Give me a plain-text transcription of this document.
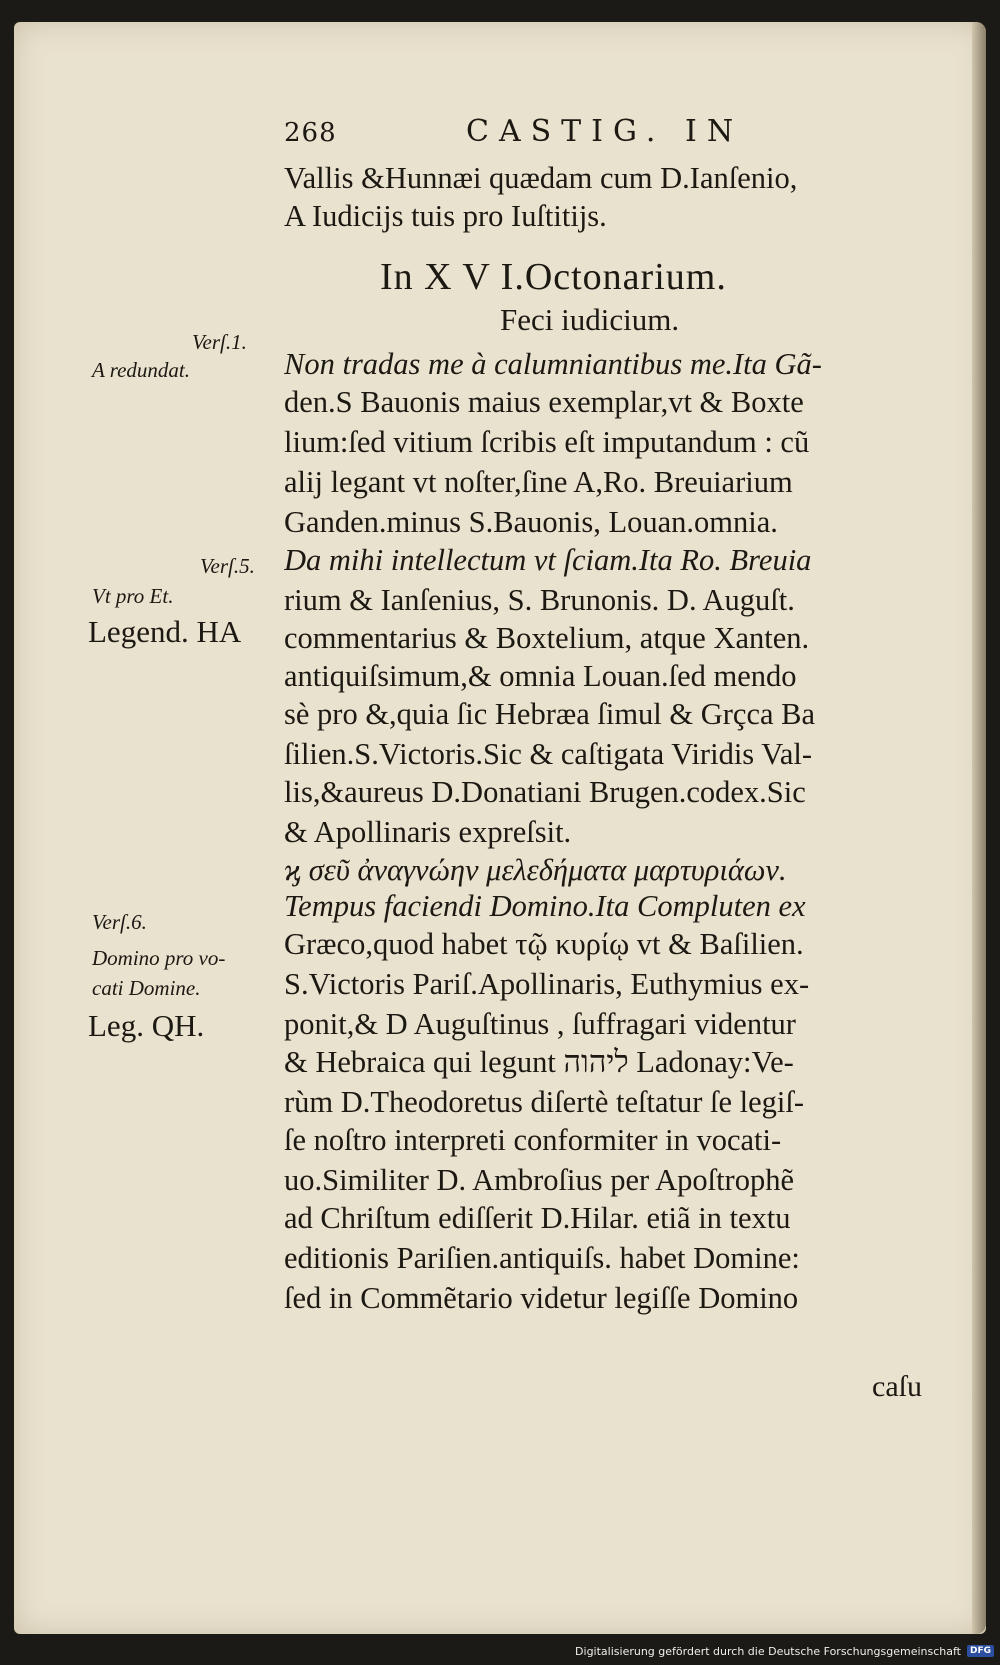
268	CASTIG. IN
Vallis &Hunnæi quædam cum D.Ianſenio,
A Iudicijs tuis pro Iuſtitijs.
In X V I.Octonarium.
Feci iudicium.
Non tradas me à calumniantibus me.Ita Gã-
den.S Bauonis maius exemplar,vt & Boxte
lium:ſed vitium ſcribis eſt imputandum : cũ
alij legant vt noſter,ſine A,Ro. Breuiarium
Ganden.minus S.Bauonis, Louan.omnia.
Da mihi intellectum vt ſciam.Ita Ro. Breuia
rium & Ianſenius, S. Brunonis. D. Auguſt.
commentarius & Boxtelium, atque Xanten.
antiquiſsimum,& omnia Louan.ſed mendo
sè pro &,quia ſic Hebræa ſimul & Grçca Ba
ſilien.S.Victoris.Sic & caſtigata Viridis Val-
lis,&aureus D.Donatiani Brugen.codex.Sic
& Apollinaris expreſsit.
ϗ σεῦ ἀναγνώην μελεδήματα μαρτυριάων.
Tempus faciendi Domino.Ita Compluten ex
Græco,quod habet τῷ κυρίῳ vt & Baſilien.
S.Victoris Pariſ.Apollinaris, Euthymius ex-
ponit,& D Auguſtinus , ſuffragari videntur
& Hebraica qui legunt ליהוה Ladonay:Ve-
rùm D.Theodoretus diſertè teſtatur ſe legiſ-
ſe noſtro interpreti conformiter in vocati-
uo.Similiter D. Ambroſius per Apoſtrophẽ
ad Chriſtum ediſſerit D.Hilar. etiã in textu
editionis Pariſien.antiquiſs. habet Domine:
ſed in Commẽtario videtur legiſſe Domino
caſu
Verſ.1.
A redundat.
Verſ.5.
Vt pro Et.
Legend. HA
Verſ.6.
Domino pro vo-
cati Domine.
Leg. QH.
Digitalisierung gefördert durch die Deutsche Forschungsgemeinschaft	DFG
